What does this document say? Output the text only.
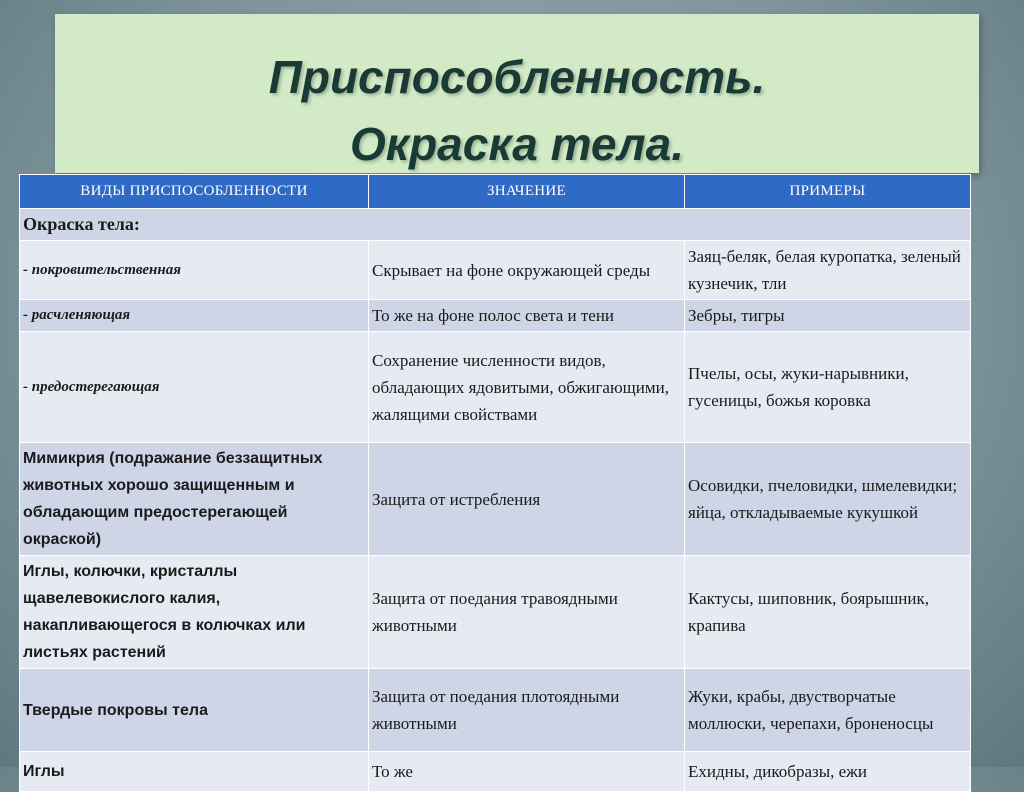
Приспособленность.
Окраска тела.
ВИДЫ ПРИСПОСОБЛЕННОСТИ	ЗНАЧЕНИЕ	ПРИМЕРЫ
Окраска тела:		
- покровительственная	Скрывает на фоне окружающей среды	Заяц-беляк, белая куропатка, зеленый кузнечик, тли
- расчленяющая	То же на фоне полос света и тени	Зебры, тигры
- предостерегающая	Сохранение численности видов, обладающих ядовитыми, обжигающими, жалящими свойствами	Пчелы, осы, жуки-нарывники, гусеницы, божья коровка
Мимикрия (подражание беззащитных животных хорошо защищенным и обладающим предостерегающей окраской)	Защита от истребления	Осовидки, пчеловидки, шмелевидки; яйца, откладываемые кукушкой
Иглы, колючки, кристаллы щавелевокислого калия, накапливающегося в колючках или листьях растений	Защита от поедания травоядными животными	Кактусы, шиповник, боярышник, крапива
Твердые покровы тела	Защита от поедания плотоядными животными	Жуки, крабы, двустворчатые моллюски, черепахи, броненосцы
Иглы	То же	Ехидны, дикобразы, ежи
